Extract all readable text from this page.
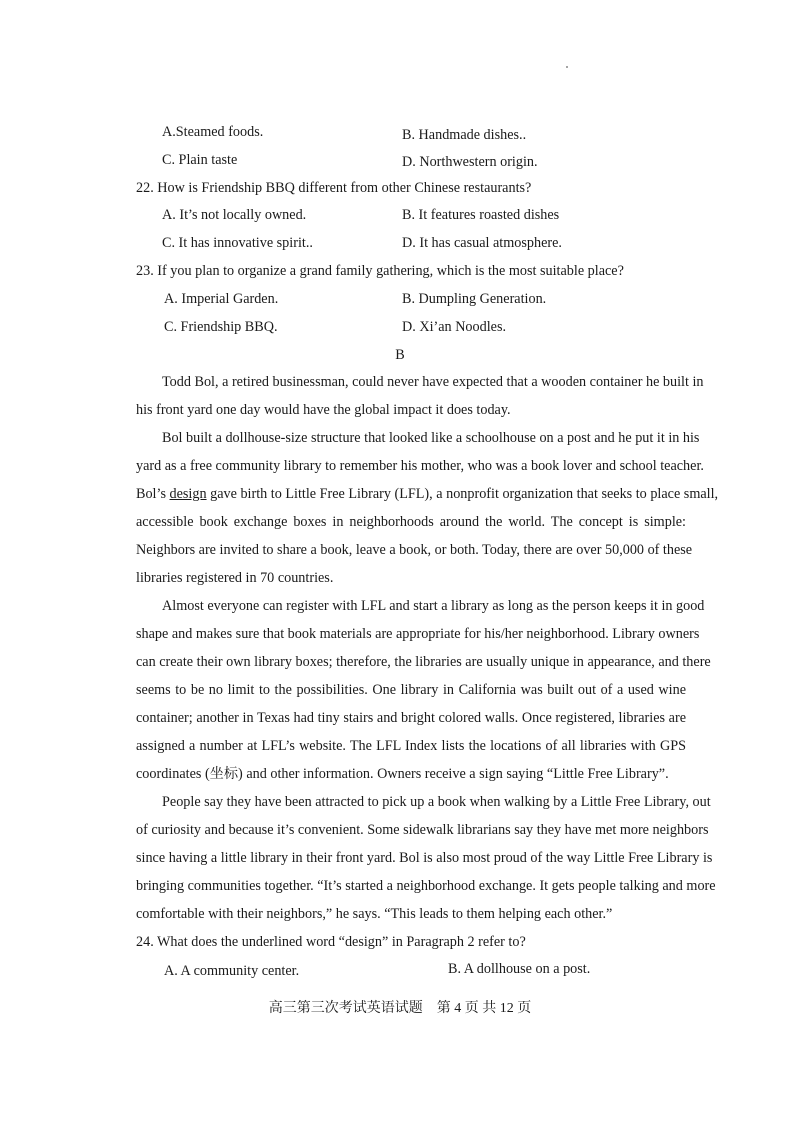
A.Steamed foods.	B. Handmade dishes..
C. Plain taste	D. Northwestern origin.
22. How is Friendship BBQ different from other Chinese restaurants?
A. It’s not locally owned.	B. It features roasted dishes
C. It has innovative spirit..	D. It has casual atmosphere.
23. If you plan to organize a grand family gathering, which is the most suitable place?
A. Imperial Garden.	B. Dumpling Generation.
C. Friendship BBQ.	D. Xi’an Noodles.
B
Todd Bol, a retired businessman, could never have expected that a wooden container he built in
his front yard one day would have the global impact it does today.
Bol built a dollhouse-size structure that looked like a schoolhouse on a post and he put it in his
yard as a free community library to remember his mother, who was a book lover and school teacher.
Bol’s design gave birth to Little Free Library (LFL), a nonprofit organization that seeks to place small,
accessible book exchange boxes in neighborhoods around the world. The concept is simple:
Neighbors are invited to share a book, leave a book, or both. Today, there are over 50,000 of these
libraries registered in 70 countries.
Almost everyone can register with LFL and start a library as long as the person keeps it in good
shape and makes sure that book materials are appropriate for his/her neighborhood. Library owners
can create their own library boxes; therefore, the libraries are usually unique in appearance, and there
seems to be no limit to the possibilities. One library in California was built out of a used wine
container; another in Texas had tiny stairs and bright colored walls. Once registered, libraries are
assigned a number at LFL’s website. The LFL Index lists the locations of all libraries with GPS
coordinates (坐标) and other information. Owners receive a sign saying “Little Free Library”.
People say they have been attracted to pick up a book when walking by a Little Free Library, out
of curiosity and because it’s convenient. Some sidewalk librarians say they have met more neighbors
since having a little library in their front yard. Bol is also most proud of the way Little Free Library is
bringing communities together. “It’s started a neighborhood exchange. It gets people talking and more
comfortable with their neighbors,” he says. “This leads to them helping each other.”
24. What does the underlined word “design” in Paragraph 2 refer to?
A. A community center.	B. A dollhouse on a post.
高三第三次考试英语试题　第 4 页 共 12 页
